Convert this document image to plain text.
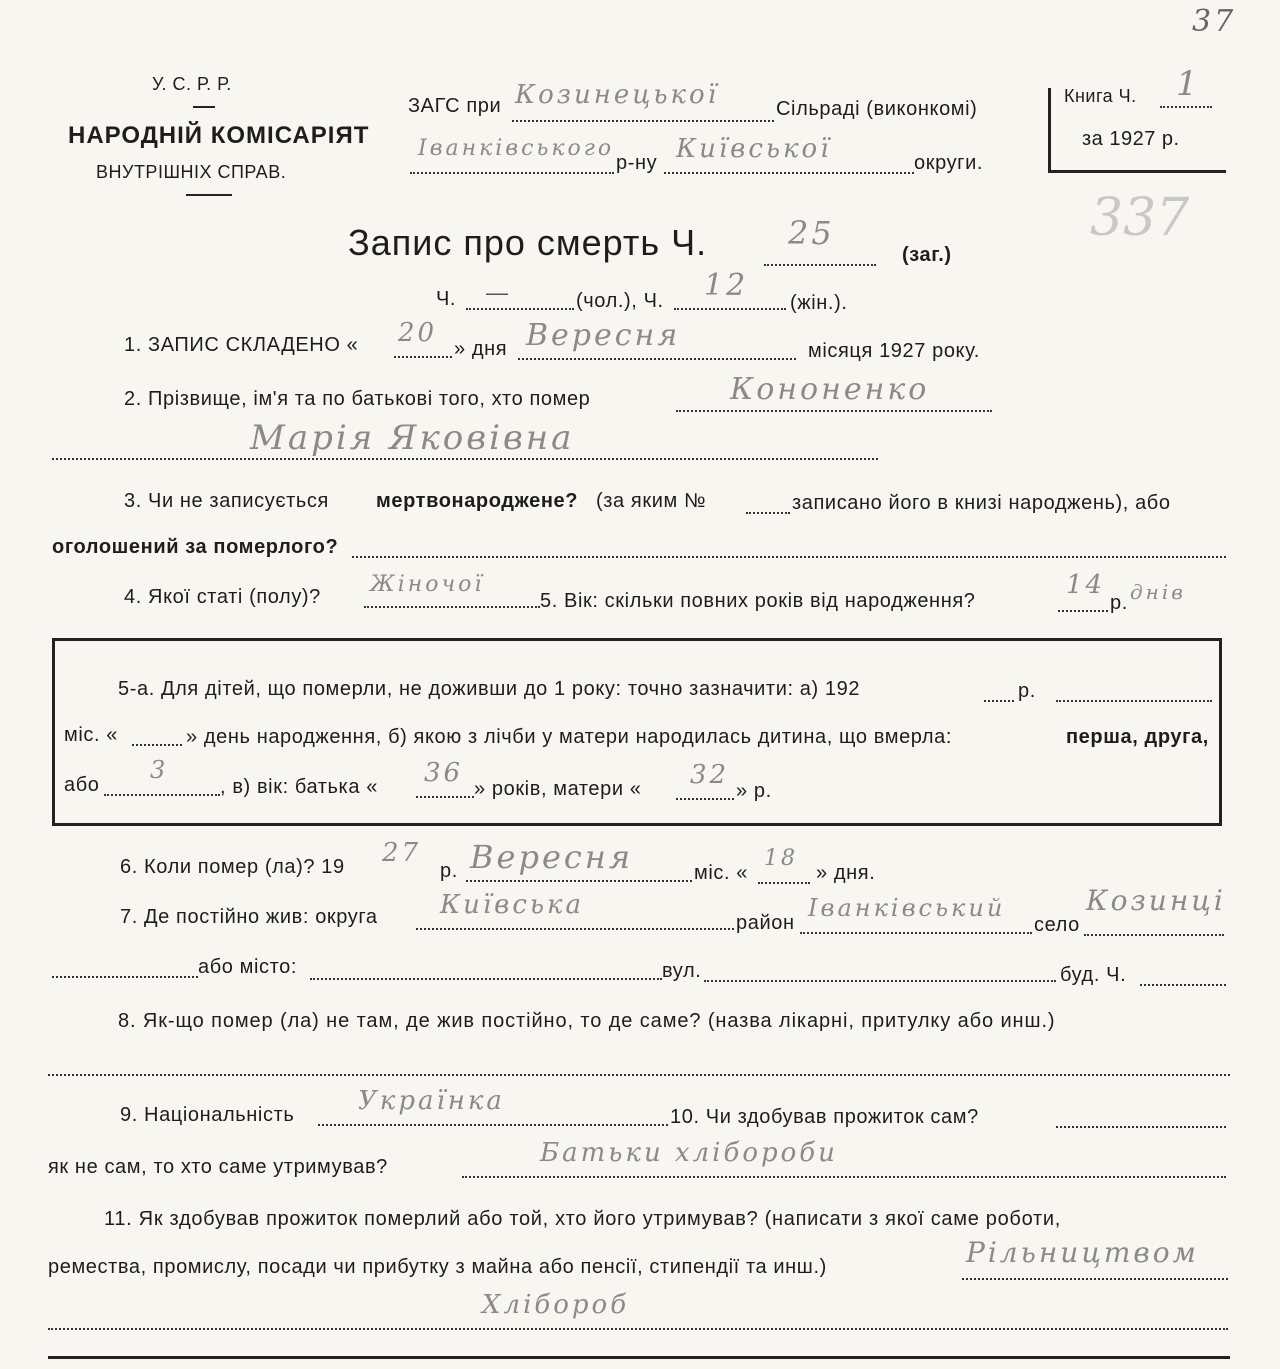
У. С. Р. Р.
НАРОДНІЙ КОМІСАРІЯТ
ВНУТРІШНІХ СПРАВ.
ЗАГС при Козинецької	Сільраді (виконкомі)
Іванківського
р-ну Київської	округи.
Книга Ч. 1
за 1927 р.
37
337
Запис про смерть Ч.	25
(заг.)
Ч. —	(чол.), Ч. 12 (жін.).
1. ЗАПИС СКЛАДЕНО « 20
» дня Вересня	місяця 1927 року.
2. Прізвище, ім'я та по батькові того, хто помер	Кононенко
Марія Яковівна
3. Чи не записується мертвонароджене? (за яким №	записано його в книзі народжень), або
оголошений за померлого?
4. Якої статі (полу)? Жіночої
5. Вік: скільки повних років від народження?
14
р. днів
5-а. Для дітей, що померли, не доживши до 1 року: точно зазначити: а) 192	р.
міс. «	» день народження, б) якою з лічби у матери народилась дитина, що вмерла:	перша, друга,
або
3
, в) вік: батька « 36
» років, матери « 32
» р.
6. Коли помер (ла)? 19 27
р. Вересня	міс. «
18
» дня.
7. Де постійно жив: округа Київська
район
Іванківський
село
Козинці
або місто:	вул.	буд. Ч.
8. Як-що помер (ла) не там, де жив постійно, то де саме? (назва лікарні, притулку або инш.)
9. Національність Українка
10. Чи здобував прожиток сам?
як не сам, то хто саме утримував?	Батьки хлібороби
11. Як здобував прожиток померлий або той, хто його утримував? (написати з якої саме роботи,
ремества, промислу, посади чи прибутку з майна або пенсії, стипендії та инш.)	Рільництвом
Хлібороб
